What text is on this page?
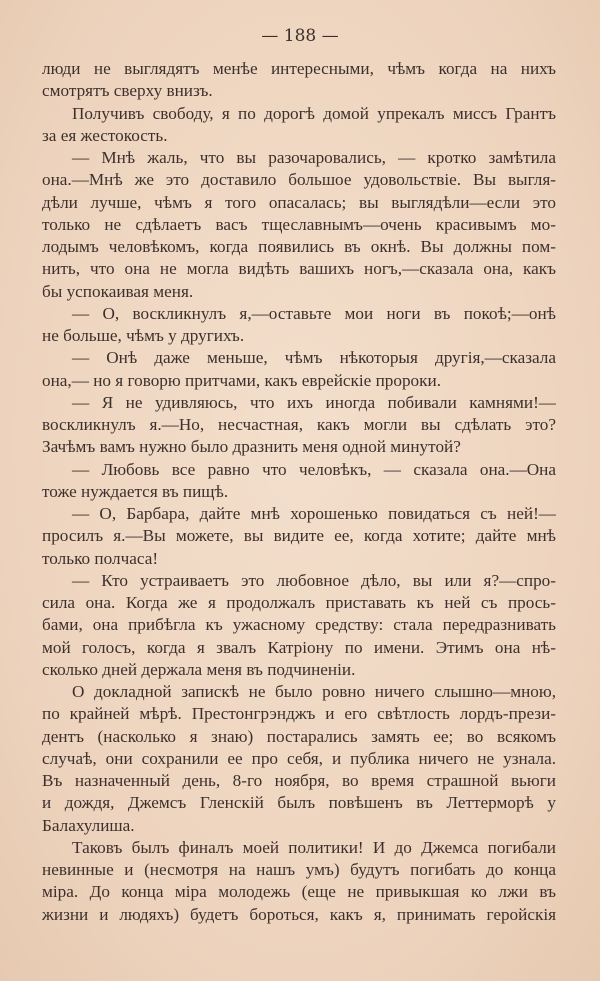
— 188 —
люди не выглядятъ менѣе интересными, чѣмъ когда на нихъ
смотрятъ сверху внизъ.
Получивъ свободу, я по дорогѣ домой упрекалъ миссъ Грантъ
за ея жестокость.
— Мнѣ жаль, что вы разочаровались, — кротко замѣтила
она.—Мнѣ же это доставило большое удовольствіе. Вы выгля-
дѣли лучше, чѣмъ я того опасалась; вы выглядѣли—если это
только не сдѣлаетъ васъ тщеславнымъ—очень красивымъ мо-
лодымъ человѣкомъ, когда появились въ окнѣ. Вы должны пом-
нить, что она не могла видѣть вашихъ ногъ,—сказала она, какъ
бы успокаивая меня.
— О, воскликнулъ я,—оставьте мои ноги въ покоѣ;—онѣ
не больше, чѣмъ у другихъ.
— Онѣ даже меньше, чѣмъ нѣкоторыя другія,—сказала
она,— но я говорю притчами, какъ еврейскіе пророки.
— Я не удивляюсь, что ихъ иногда побивали камнями!—
воскликнулъ я.—Но, несчастная, какъ могли вы сдѣлать это?
Зачѣмъ вамъ нужно было дразнить меня одной минутой?
— Любовь все равно что человѣкъ, — сказала она.—Она
тоже нуждается въ пищѣ.
— О, Барбара, дайте мнѣ хорошенько повидаться съ ней!—
просилъ я.—Вы можете, вы видите ее, когда хотите; дайте мнѣ
только полчаса!
— Кто устраиваетъ это любовное дѣло, вы или я?—спро-
сила она. Когда же я продолжалъ приставать къ ней съ прось-
бами, она прибѣгла къ ужасному средству: стала передразнивать
мой голосъ, когда я звалъ Катріону по имени. Этимъ она нѣ-
сколько дней держала меня въ подчиненіи.
О докладной запискѣ не было ровно ничего слышно—мною,
по крайней мѣрѣ. Престонгрэнджъ и его свѣтлость лордъ-прези-
дентъ (насколько я знаю) постарались замять ее; во всякомъ
случаѣ, они сохранили ее про себя, и публика ничего не узнала.
Въ назначенный день, 8-го ноября, во время страшной вьюги
и дождя, Джемсъ Гленскій былъ повѣшенъ въ Леттерморѣ у
Балахулиша.
Таковъ былъ финалъ моей политики! И до Джемса погибали
невинные и (несмотря на нашъ умъ) будутъ погибать до конца
міра. До конца міра молодежь (еще не привыкшая ко лжи въ
жизни и людяхъ) будетъ бороться, какъ я, принимать геройскія
